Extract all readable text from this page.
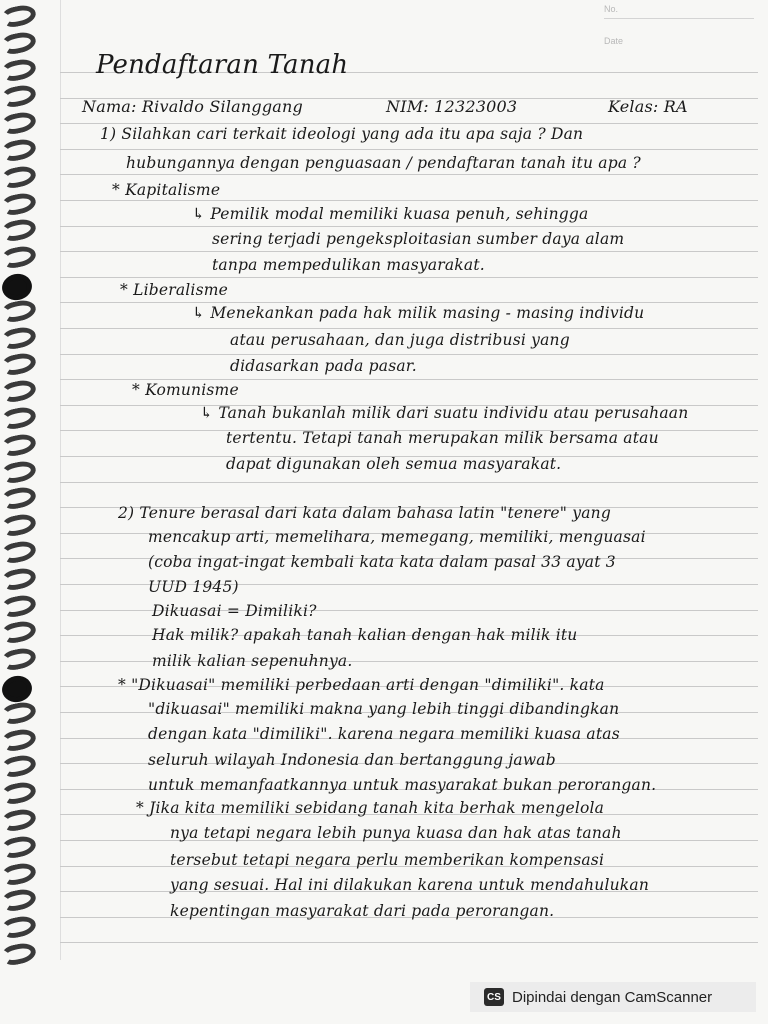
No.
Date
Pendaftaran Tanah
Nama: Rivaldo Silanggang	NIM: 12323003	Kelas: RA
1) Silahkan cari terkait ideologi yang ada itu apa saja ? Dan
hubungannya dengan penguasaan / pendaftaran tanah itu apa ?
* Kapitalisme
↳ Pemilik modal memiliki kuasa penuh, sehingga
sering terjadi pengeksploitasian sumber daya alam
tanpa mempedulikan masyarakat.
* Liberalisme
↳ Menekankan pada hak milik masing - masing individu
atau perusahaan, dan juga distribusi yang
didasarkan pada pasar.
* Komunisme
↳ Tanah bukanlah milik dari suatu individu atau perusahaan
tertentu. Tetapi tanah merupakan milik bersama atau
dapat digunakan oleh semua masyarakat.
2) Tenure berasal dari kata dalam bahasa latin "tenere" yang
mencakup arti, memelihara, memegang, memiliki, menguasai
(coba ingat-ingat kembali kata kata dalam pasal 33 ayat 3
UUD 1945)
Dikuasai = Dimiliki?
Hak milik? apakah tanah kalian dengan hak milik itu
milik kalian sepenuhnya.
* "Dikuasai" memiliki perbedaan arti dengan "dimiliki". kata
"dikuasai" memiliki makna yang lebih tinggi dibandingkan
dengan kata "dimiliki". karena negara memiliki kuasa atas
seluruh wilayah Indonesia dan bertanggung jawab
untuk memanfaatkannya untuk masyarakat bukan perorangan.
* Jika kita memiliki sebidang tanah kita berhak mengelola
nya tetapi negara lebih punya kuasa dan hak atas tanah
tersebut tetapi negara perlu memberikan kompensasi
yang sesuai. Hal ini dilakukan karena untuk mendahulukan
kepentingan masyarakat dari pada perorangan.
CS Dipindai dengan CamScanner
